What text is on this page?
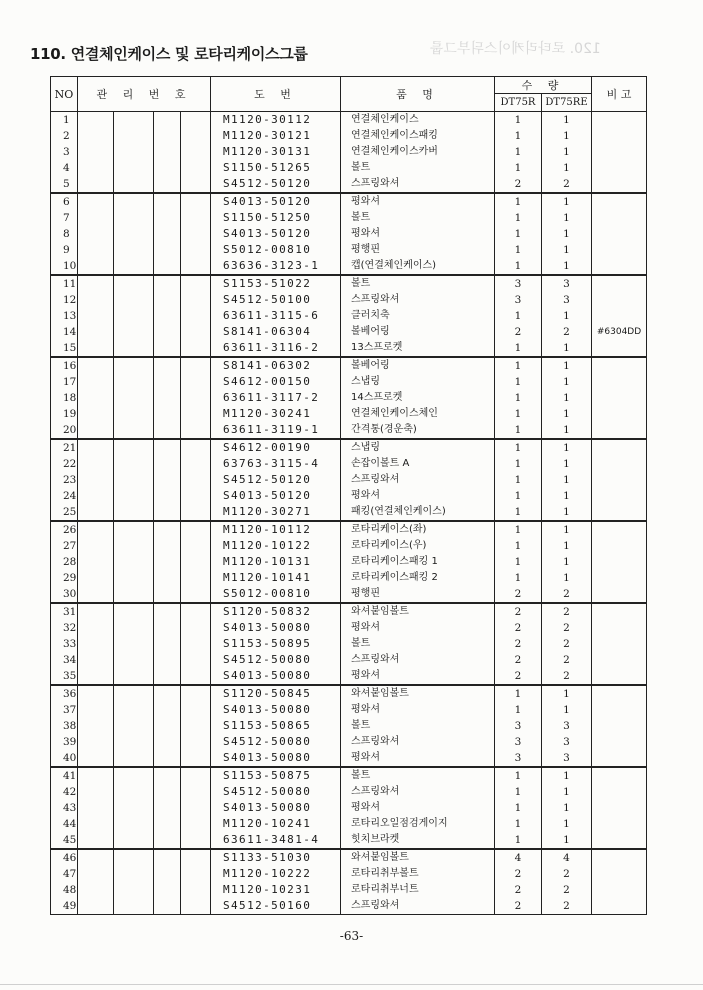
120. 로타리케이스뒤부그룹
110. 연결체인케이스 및 로타리케이스그룹
NO	관 리 번 호				도 번	품 명	수 량		비 고
							DT75R	DT75RE	
1					M1120-30112	연결체인케이스	1	1	
2					M1120-30121	연결체인케이스패킹	1	1	
3					M1120-30131	연결체인케이스카버	1	1	
4					S1150-51265	볼트	1	1	
5					S4512-50120	스프링와셔	2	2	
6					S4013-50120	평와셔	1	1	
7					S1150-51250	볼트	1	1	
8					S4013-50120	평와셔	1	1	
9					S5012-00810	평행핀	1	1	
10					63636-3123-1	캡(연결체인케이스)	1	1	
11					S1153-51022	볼트	3	3	
12					S4512-50100	스프링와셔	3	3	
13					63611-3115-6	클러치축	1	1	
14					S8141-06304	볼베어링	2	2	#6304DD
15					63611-3116-2	13스프로켓	1	1	
16					S8141-06302	볼베어링	1	1	
17					S4612-00150	스냅링	1	1	
18					63611-3117-2	14스프로켓	1	1	
19					M1120-30241	연결체인케이스체인	1	1	
20					63611-3119-1	간격통(경운축)	1	1	
21					S4612-00190	스냅링	1	1	
22					63763-3115-4	손잡이볼트 A	1	1	
23					S4512-50120	스프링와셔	1	1	
24					S4013-50120	평와셔	1	1	
25					M1120-30271	패킹(연결체인케이스)	1	1	
26					M1120-10112	로타리케이스(좌)	1	1	
27					M1120-10122	로타리케이스(우)	1	1	
28					M1120-10131	로타리케이스패킹 1	1	1	
29					M1120-10141	로타리케이스패킹 2	1	1	
30					S5012-00810	평행핀	2	2	
31					S1120-50832	와셔붙임볼트	2	2	
32					S4013-50080	평와셔	2	2	
33					S1153-50895	볼트	2	2	
34					S4512-50080	스프링와셔	2	2	
35					S4013-50080	평와셔	2	2	
36					S1120-50845	와셔붙임볼트	1	1	
37					S4013-50080	평와셔	1	1	
38					S1153-50865	볼트	3	3	
39					S4512-50080	스프링와셔	3	3	
40					S4013-50080	평와셔	3	3	
41					S1153-50875	볼트	1	1	
42					S4512-50080	스프링와셔	1	1	
43					S4013-50080	평와셔	1	1	
44					M1120-10241	로타리오일점검게이지	1	1	
45					63611-3481-4	힛치브라켓	1	1	
46					S1133-51030	와셔붙임볼트	4	4	
47					M1120-10222	로타리취부볼트	2	2	
48					M1120-10231	로타리취부너트	2	2	
49					S4512-50160	스프링와셔	2	2	
-63-
